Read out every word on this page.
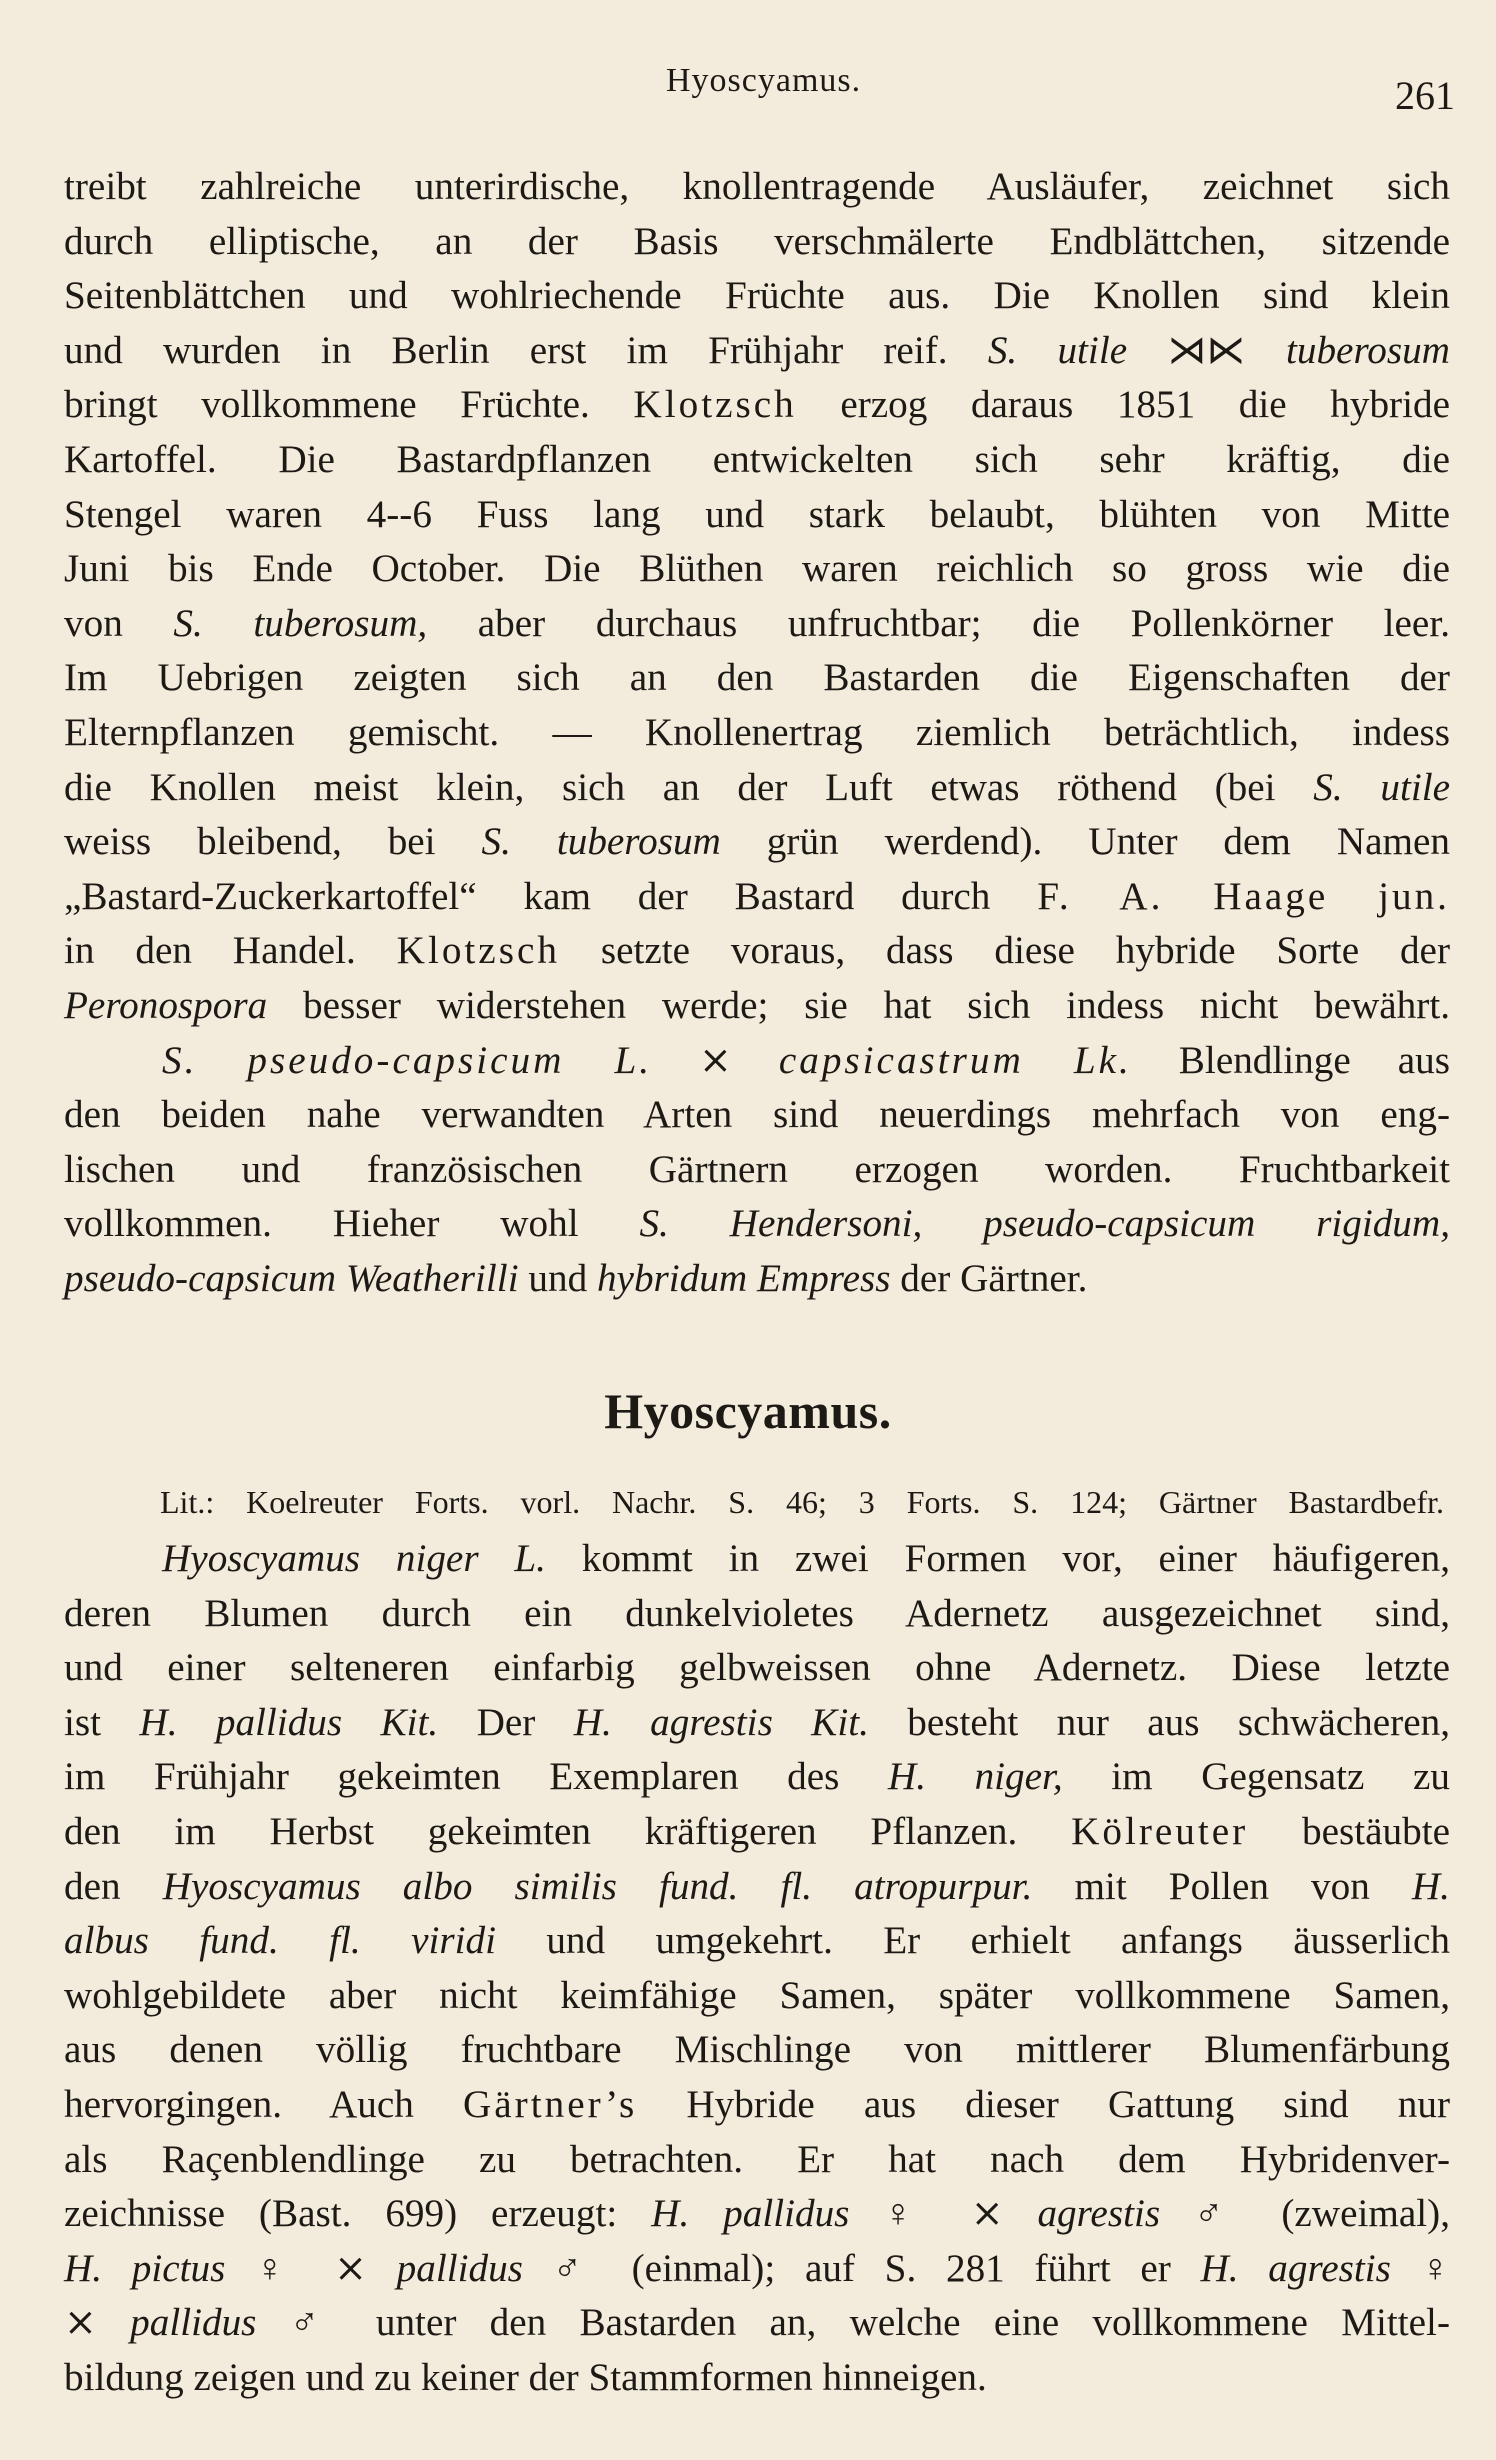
Hyoscyamus.	261
treibt zahlreiche unterirdische, knollentragende Ausläufer, zeichnet sich
durch elliptische, an der Basis verschmälerte Endblättchen, sitzende
Seitenblättchen und wohlriechende Früchte aus. Die Knollen sind klein
und wurden in Berlin erst im Frühjahr reif. S. utile ⋊⋉ tuberosum
bringt vollkommene Früchte. Klotzsch erzog daraus 1851 die hybride
Kartoffel. Die Bastardpflanzen entwickelten sich sehr kräftig, die
Stengel waren 4--6 Fuss lang und stark belaubt, blühten von Mitte
Juni bis Ende October. Die Blüthen waren reichlich so gross wie die
von S. tuberosum, aber durchaus unfruchtbar; die Pollenkörner leer.
Im Uebrigen zeigten sich an den Bastarden die Eigenschaften der
Elternpflanzen gemischt. — Knollenertrag ziemlich beträchtlich, indess
die Knollen meist klein, sich an der Luft etwas röthend (bei S. utile
weiss bleibend, bei S. tuberosum grün werdend). Unter dem Namen
„Bastard-Zuckerkartoffel“ kam der Bastard durch F. A. Haage jun.
in den Handel. Klotzsch setzte voraus, dass diese hybride Sorte der
Peronospora besser widerstehen werde; sie hat sich indess nicht bewährt.
S. pseudo-capsicum L. ⨯ capsicastrum Lk. Blendlinge aus
den beiden nahe verwandten Arten sind neuerdings mehrfach von eng-
lischen und französischen Gärtnern erzogen worden. Fruchtbarkeit
vollkommen. Hieher wohl S. Hendersoni, pseudo-capsicum rigidum,
pseudo-capsicum Weatherilli und hybridum Empress der Gärtner.
Hyoscyamus.
Lit.: Koelreuter Forts. vorl. Nachr. S. 46; 3 Forts. S. 124; Gärtner Bastardbefr.
Hyoscyamus niger L. kommt in zwei Formen vor, einer häufigeren,
deren Blumen durch ein dunkelvioletes Adernetz ausgezeichnet sind,
und einer selteneren einfarbig gelbweissen ohne Adernetz. Diese letzte
ist H. pallidus Kit. Der H. agrestis Kit. besteht nur aus schwächeren,
im Frühjahr gekeimten Exemplaren des H. niger, im Gegensatz zu
den im Herbst gekeimten kräftigeren Pflanzen. Kölreuter bestäubte
den Hyoscyamus albo similis fund. fl. atropurpur. mit Pollen von H.
albus fund. fl. viridi und umgekehrt. Er erhielt anfangs äusserlich
wohlgebildete aber nicht keimfähige Samen, später vollkommene Samen,
aus denen völlig fruchtbare Mischlinge von mittlerer Blumenfärbung
hervorgingen. Auch Gärtner’s Hybride aus dieser Gattung sind nur
als Raçenblendlinge zu betrachten. Er hat nach dem Hybridenver-
zeichnisse (Bast. 699) erzeugt: H. pallidus ♀ ⨯ agrestis ♂ (zweimal),
H. pictus ♀ ⨯ pallidus ♂ (einmal); auf S. 281 führt er H. agrestis ♀
⨯ pallidus ♂ unter den Bastarden an, welche eine vollkommene Mittel-
bildung zeigen und zu keiner der Stammformen hinneigen.
